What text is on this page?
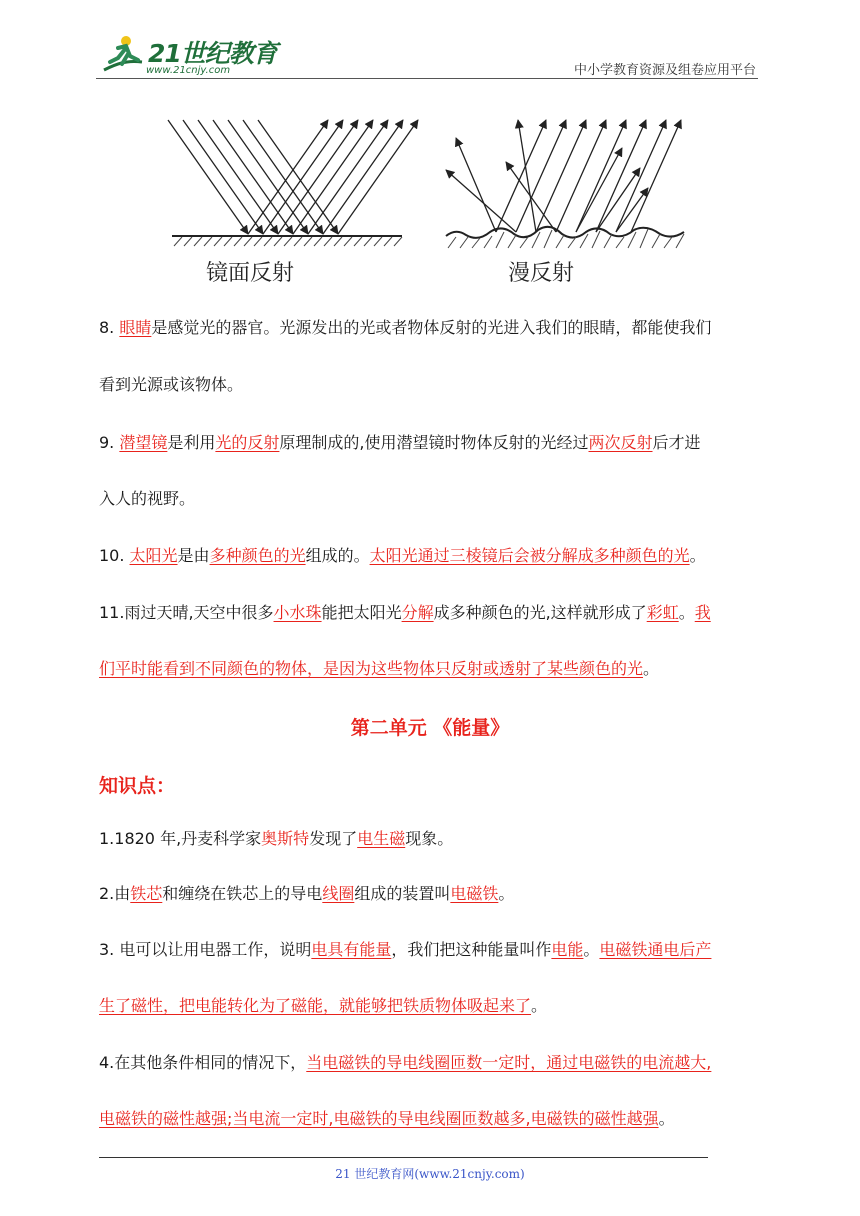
21世纪教育
www.21cnjy.com	中小学教育资源及组卷应用平台
镜面反射	漫反射
8. 眼睛是感觉光的器官。光源发出的光或者物体反射的光进入我们的眼睛，都能使我们
看到光源或该物体。
9. 潜望镜是利用光的反射原理制成的,使用潜望镜时物体反射的光经过两次反射后才进
入人的视野。
10. 太阳光是由多种颜色的光组成的。太阳光通过三棱镜后会被分解成多种颜色的光。
11.雨过天晴,天空中很多小水珠能把太阳光分解成多种颜色的光,这样就形成了彩虹。我
们平时能看到不同颜色的物体，是因为这些物体只反射或透射了某些颜色的光。
第二单元 《能量》
知识点：
1.1820 年,丹麦科学家奥斯特发现了电生磁现象。
2.由铁芯和缠绕在铁芯上的导电线圈组成的装置叫电磁铁。
3. 电可以让用电器工作，说明电具有能量，我们把这种能量叫作电能。电磁铁通电后产
生了磁性，把电能转化为了磁能，就能够把铁质物体吸起来了。
4.在其他条件相同的情况下，当电磁铁的导电线圈匝数一定时，通过电磁铁的电流越大,
电磁铁的磁性越强;当电流一定时,电磁铁的导电线圈匝数越多,电磁铁的磁性越强。
21 世纪教育网(www.21cnjy.com)
